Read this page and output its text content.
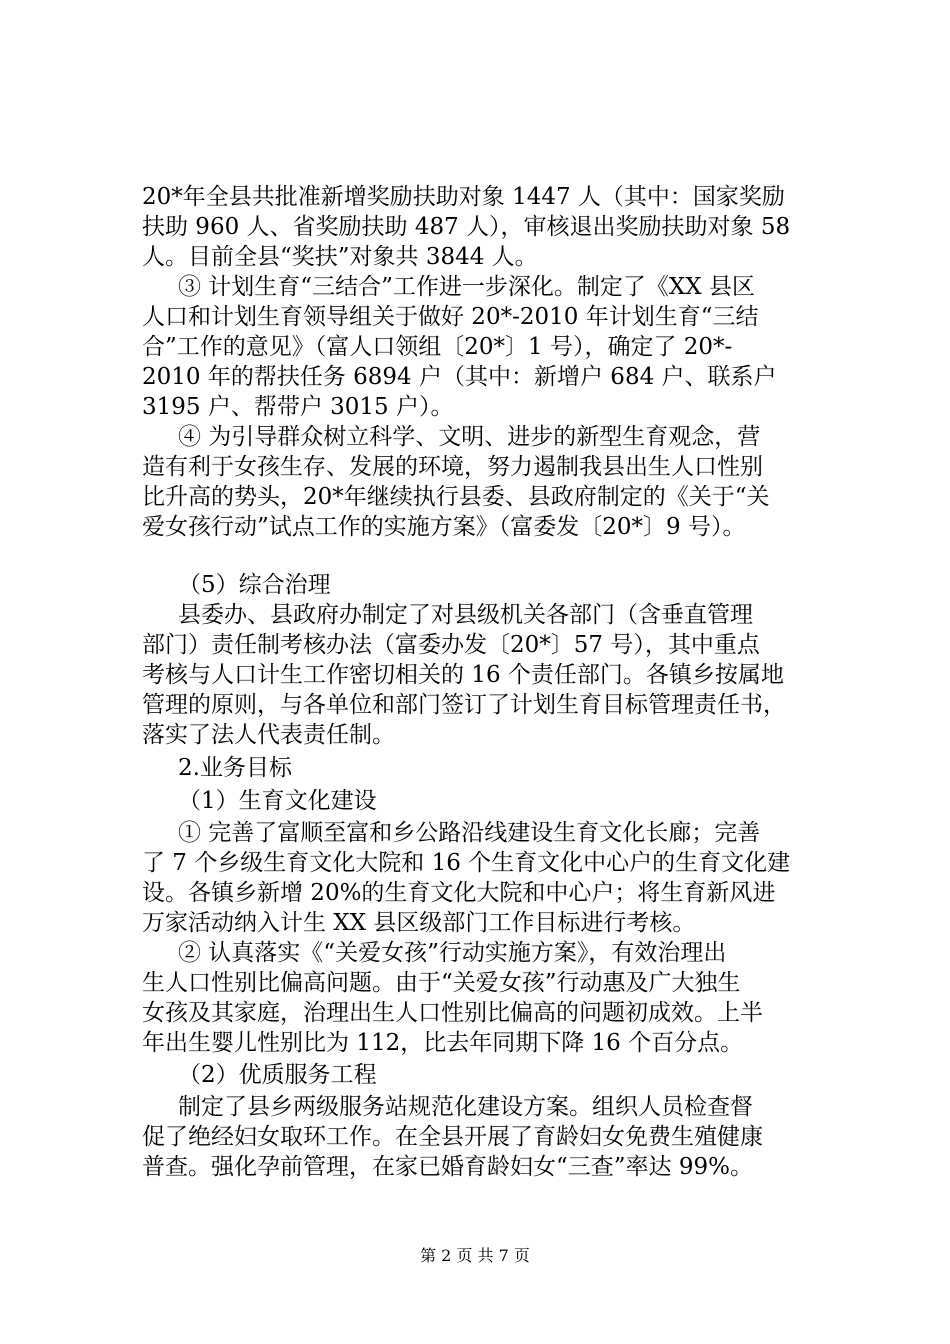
20*年全县共批准新增奖励扶助对象 1447 人（其中：国家奖励
扶助 960 人、省奖励扶助 487 人），审核退出奖励扶助对象 58
人。目前全县“奖扶”对象共 3844 人。
③ 计划生育“三结合”工作进一步深化。制定了《XX 县区
人口和计划生育领导组关于做好 20*-2010 年计划生育“三结
合”工作的意见》（富人口领组〔20*〕1 号），确定了 20*-
2010 年的帮扶任务 6894 户（其中：新增户 684 户、联系户
3195 户、帮带户 3015 户）。
④ 为引导群众树立科学、文明、进步的新型生育观念，营
造有利于女孩生存、发展的环境，努力遏制我县出生人口性别
比升高的势头，20*年继续执行县委、县政府制定的《关于“关
爱女孩行动”试点工作的实施方案》（富委发〔20*〕9 号）。
（5）综合治理
县委办、县政府办制定了对县级机关各部门（含垂直管理
部门）责任制考核办法（富委办发〔20*〕57 号），其中重点
考核与人口计生工作密切相关的 16 个责任部门。各镇乡按属地
管理的原则，与各单位和部门签订了计划生育目标管理责任书，
落实了法人代表责任制。
2.业务目标
（1）生育文化建设
① 完善了富顺至富和乡公路沿线建设生育文化长廊；完善
了 7 个乡级生育文化大院和 16 个生育文化中心户的生育文化建
设。各镇乡新增 20%的生育文化大院和中心户；将生育新风进
万家活动纳入计生 XX 县区级部门工作目标进行考核。
② 认真落实《“关爱女孩”行动实施方案》，有效治理出
生人口性别比偏高问题。由于“关爱女孩”行动惠及广大独生
女孩及其家庭，治理出生人口性别比偏高的问题初成效。上半
年出生婴儿性别比为 112，比去年同期下降 16 个百分点。
（2）优质服务工程
制定了县乡两级服务站规范化建设方案。组织人员检查督
促了绝经妇女取环工作。在全县开展了育龄妇女免费生殖健康
普查。强化孕前管理，在家已婚育龄妇女“三查”率达 99%。
第 2 页 共 7 页
